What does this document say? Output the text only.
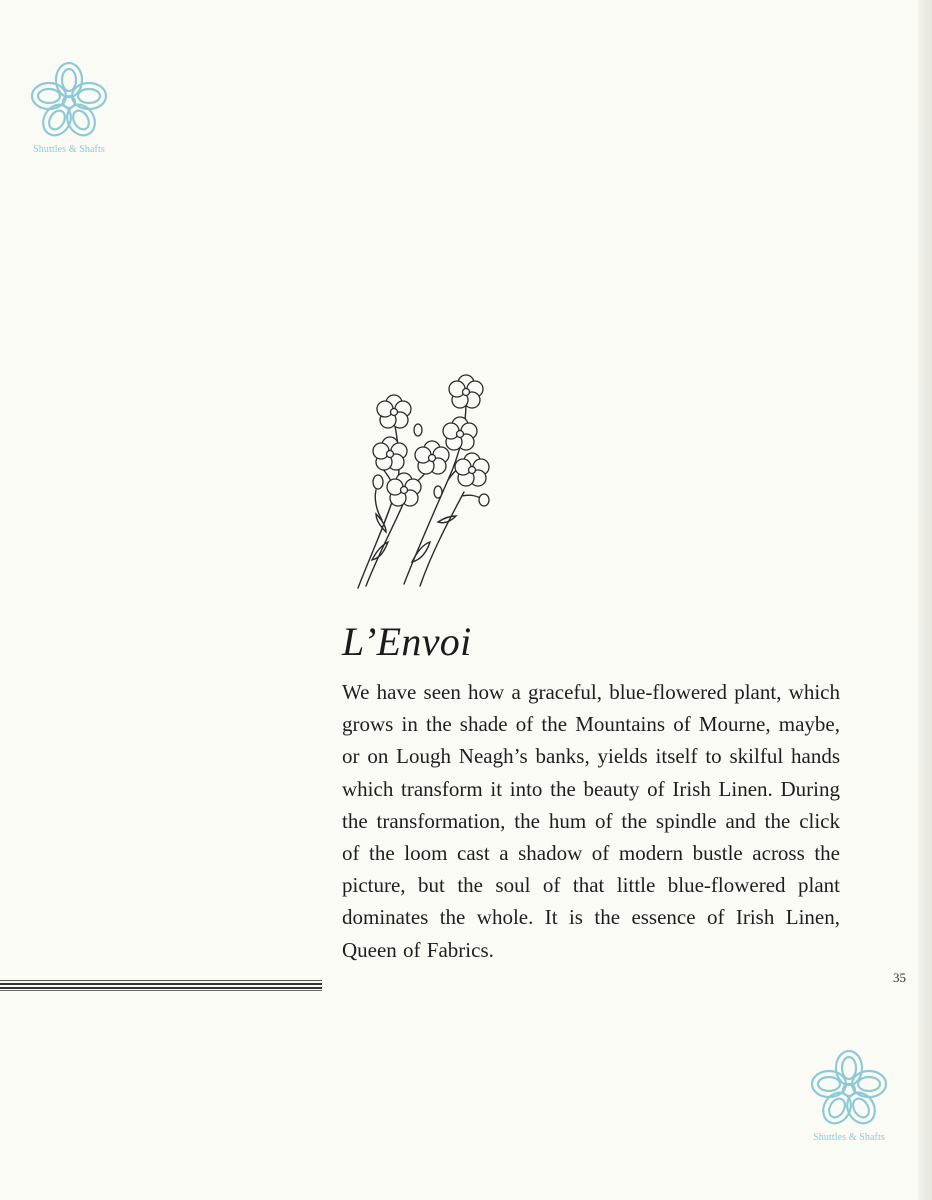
Shuttles & Shafts
L’Envoi

We have seen how a graceful, blue-flowered plant, which grows in the shade of the Mountains of Mourne, maybe, or on Lough Neagh’s banks, yields itself to skilful hands which transform it into the beauty of Irish Linen. During the transformation, the hum of the spindle and the click of the loom cast a shadow of modern bustle across the picture, but the soul of that little blue-flowered plant dominates the whole. It is the essence of Irish Linen, Queen of Fabrics.

35
Shuttles & Shafts
